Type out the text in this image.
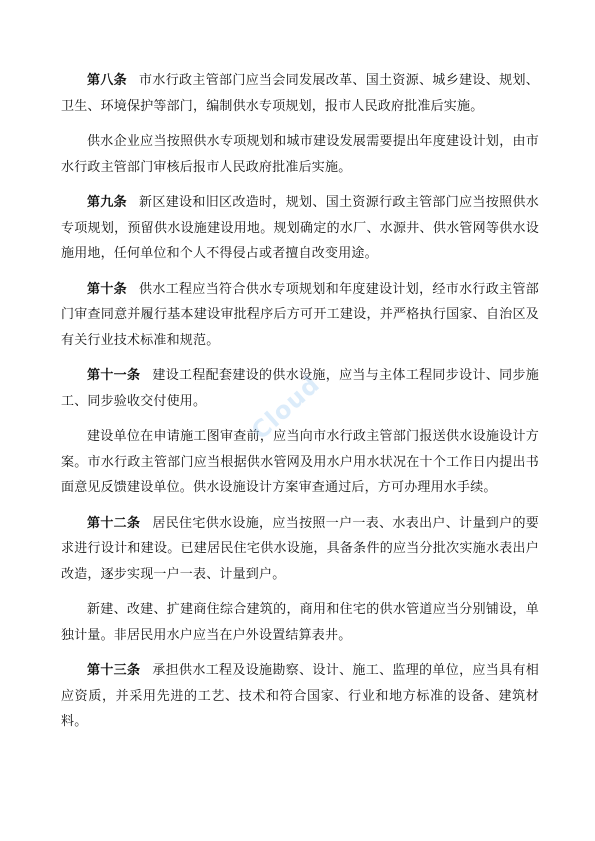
第八条 市水行政主管部门应当会同发展改革、国土资源、城乡建设、规划、卫生、环境保护等部门，编制供水专项规划，报市人民政府批准后实施。

供水企业应当按照供水专项规划和城市建设发展需要提出年度建设计划，由市水行政主管部门审核后报市人民政府批准后实施。

第九条 新区建设和旧区改造时，规划、国土资源行政主管部门应当按照供水专项规划，预留供水设施建设用地。规划确定的水厂、水源井、供水管网等供水设施用地，任何单位和个人不得侵占或者擅自改变用途。

第十条 供水工程应当符合供水专项规划和年度建设计划，经市水行政主管部门审查同意并履行基本建设审批程序后方可开工建设，并严格执行国家、自治区及有关行业技术标准和规范。

第十一条 建设工程配套建设的供水设施，应当与主体工程同步设计、同步施工、同步验收交付使用。

建设单位在申请施工图审查前，应当向市水行政主管部门报送供水设施设计方案。市水行政主管部门应当根据供水管网及用水户用水状况在十个工作日内提出书面意见反馈建设单位。供水设施设计方案审查通过后，方可办理用水手续。

第十二条 居民住宅供水设施，应当按照一户一表、水表出户、计量到户的要求进行设计和建设。已建居民住宅供水设施，具备条件的应当分批次实施水表出户改造，逐步实现一户一表、计量到户。

新建、改建、扩建商住综合建筑的，商用和住宅的供水管道应当分别铺设，单独计量。非居民用水户应当在户外设置结算表井。

第十三条 承担供水工程及设施勘察、设计、施工、监理的单位，应当具有相应资质，并采用先进的工艺、技术和符合国家、行业和地方标准的设备、建筑材料。

Cloud
